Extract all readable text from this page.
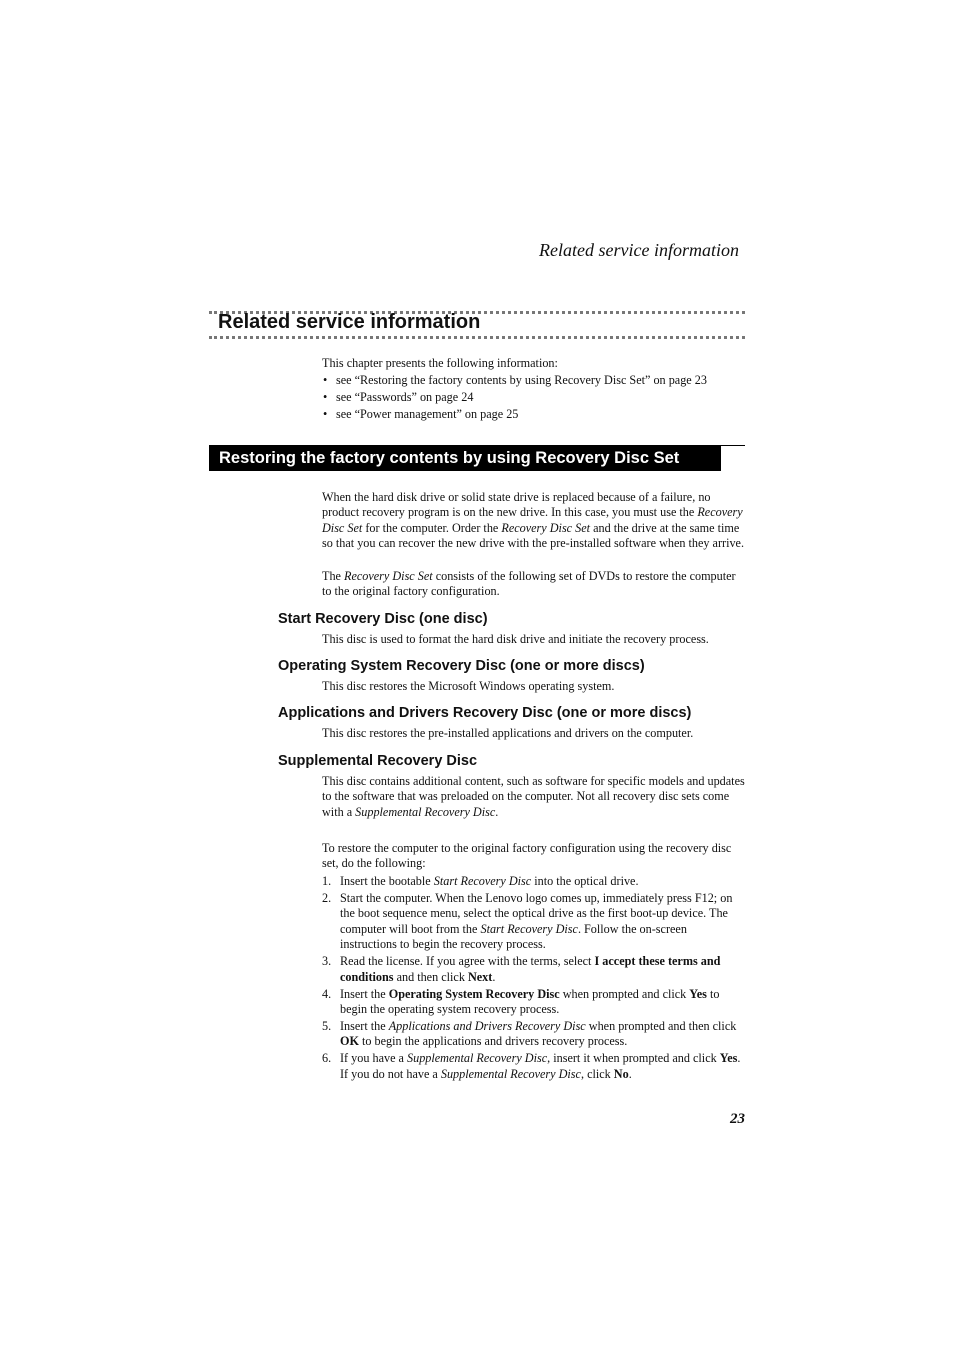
Related service information
Related service information

This chapter presents the following information:

• see “Restoring the factory contents by using Recovery Disc Set” on page 23
• see “Passwords” on page 24
• see “Power management” on page 25
Restoring the factory contents by using Recovery Disc Set

When the hard disk drive or solid state drive is replaced because of a failure, no product recovery program is on the new drive. In this case, you must use the Recovery Disc Set for the computer. Order the Recovery Disc Set and the drive at the same time so that you can recover the new drive with the pre-installed software when they arrive.

The Recovery Disc Set consists of the following set of DVDs to restore the computer to the original factory configuration.

Start Recovery Disc (one disc)

This disc is used to format the hard disk drive and initiate the recovery process.

Operating System Recovery Disc (one or more discs)

This disc restores the Microsoft Windows operating system.

Applications and Drivers Recovery Disc (one or more discs)

This disc restores the pre-installed applications and drivers on the computer.

Supplemental Recovery Disc

This disc contains additional content, such as software for specific models and updates to the software that was preloaded on the computer. Not all recovery disc sets come with a Supplemental Recovery Disc.

To restore the computer to the original factory configuration using the recovery disc set, do the following:

1. Insert the bootable Start Recovery Disc into the optical drive.
2. Start the computer. When the Lenovo logo comes up, immediately press F12; on the boot sequence menu, select the optical drive as the first boot-up device. The computer will boot from the Start Recovery Disc. Follow the on-screen instructions to begin the recovery process.
3. Read the license. If you agree with the terms, select I accept these terms and conditions and then click Next.
4. Insert the Operating System Recovery Disc when prompted and click Yes to begin the operating system recovery process.
5. Insert the Applications and Drivers Recovery Disc when prompted and then click OK to begin the applications and drivers recovery process.
6. If you have a Supplemental Recovery Disc, insert it when prompted and click Yes. If you do not have a Supplemental Recovery Disc, click No.
23
